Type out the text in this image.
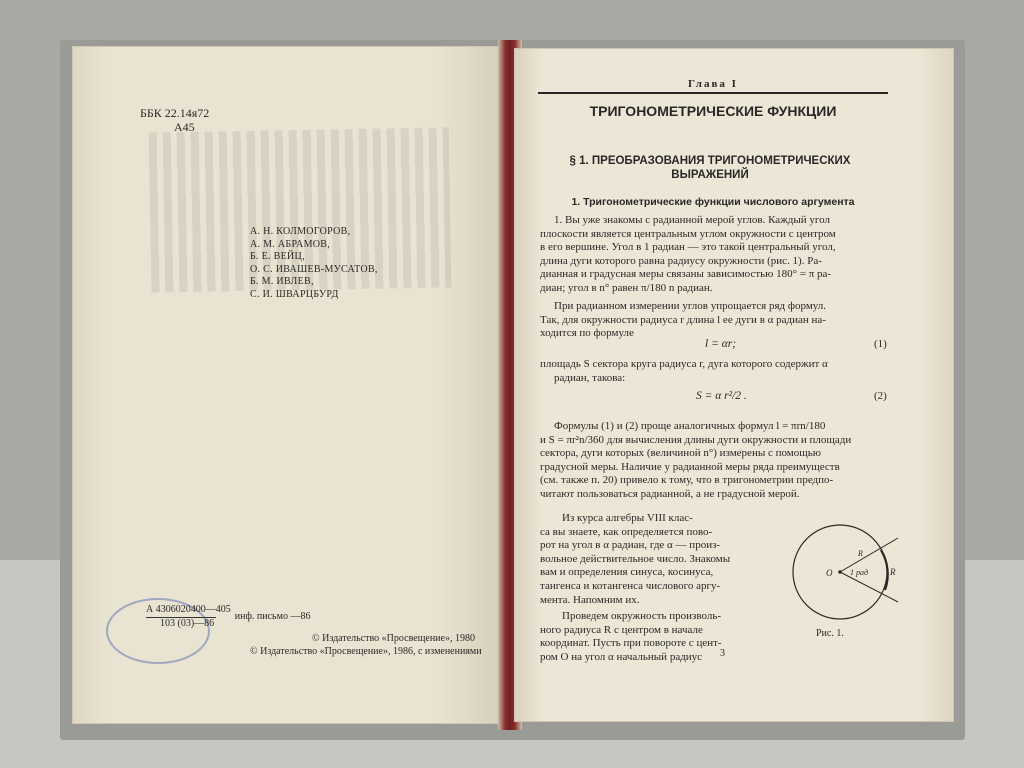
ББК 22.14я72
А45
А. Н. КОЛМОГОРОВ,
А. М. АБРАМОВ,
Б. Е. ВЕЙЦ,
О. С. ИВАШЕВ-МУСАТОВ,
Б. М. ИВЛЕВ,
С. И. ШВАРЦБУРД
А 4306020400—405
103 (03)—86
инф. письмо —86
© Издательство «Просвещение», 1980
© Издательство «Просвещение», 1986, с изменениями
Глава I
ТРИГОНОМЕТРИЧЕСКИЕ ФУНКЦИИ
§ 1. ПРЕОБРАЗОВАНИЯ ТРИГОНОМЕТРИЧЕСКИХ
ВЫРАЖЕНИЙ
1. Тригонометрические функции числового аргумента
1. Вы уже знакомы с радианной мерой углов. Каждый угол
плоскости является центральным углом окружности с центром
в его вершине. Угол в 1 радиан — это такой центральный угол,
длина дуги которого равна радиусу окружности (рис. 1). Ра-
дианная и градусная меры связаны зависимостью 180° = π ра-
диан; угол в n° равен π/180 n радиан.
При радианном измерении углов упрощается ряд формул.
Так, для окружности радиуса r длина l ее дуги в α радиан на-
ходится по формуле
l = αr;	(1)
площадь S сектора круга радиуса r, дуга которого содержит α
радиан, такова:
S = α r²/2 .	(2)
Формулы (1) и (2) проще аналогичных формул l = πrn/180
и S = πr²n/360 для вычисления длины дуги окружности и площади
сектора, дуги которых (величиной n°) измерены с помощью
градусной меры. Наличие у радианной меры ряда преимуществ
(см. также п. 20) привело к тому, что в тригонометрии предпо-
читают пользоваться радианной, а не градусной мерой.
Из курса алгебры VIII клас-
са вы знаете, как определяется пово-
рот на угол в α радиан, где α — произ-
вольное действительное число. Знакомы
вам и определения синуса, косинуса,
тангенса и котангенса числового аргу-
мента. Напомним их.
Проведем окружность произволь-
ного радиуса R с центром в начале
координат. Пусть при повороте с цент-
ром O на угол α начальный радиус
O
R
R
1 рад
Рис. 1.
3
